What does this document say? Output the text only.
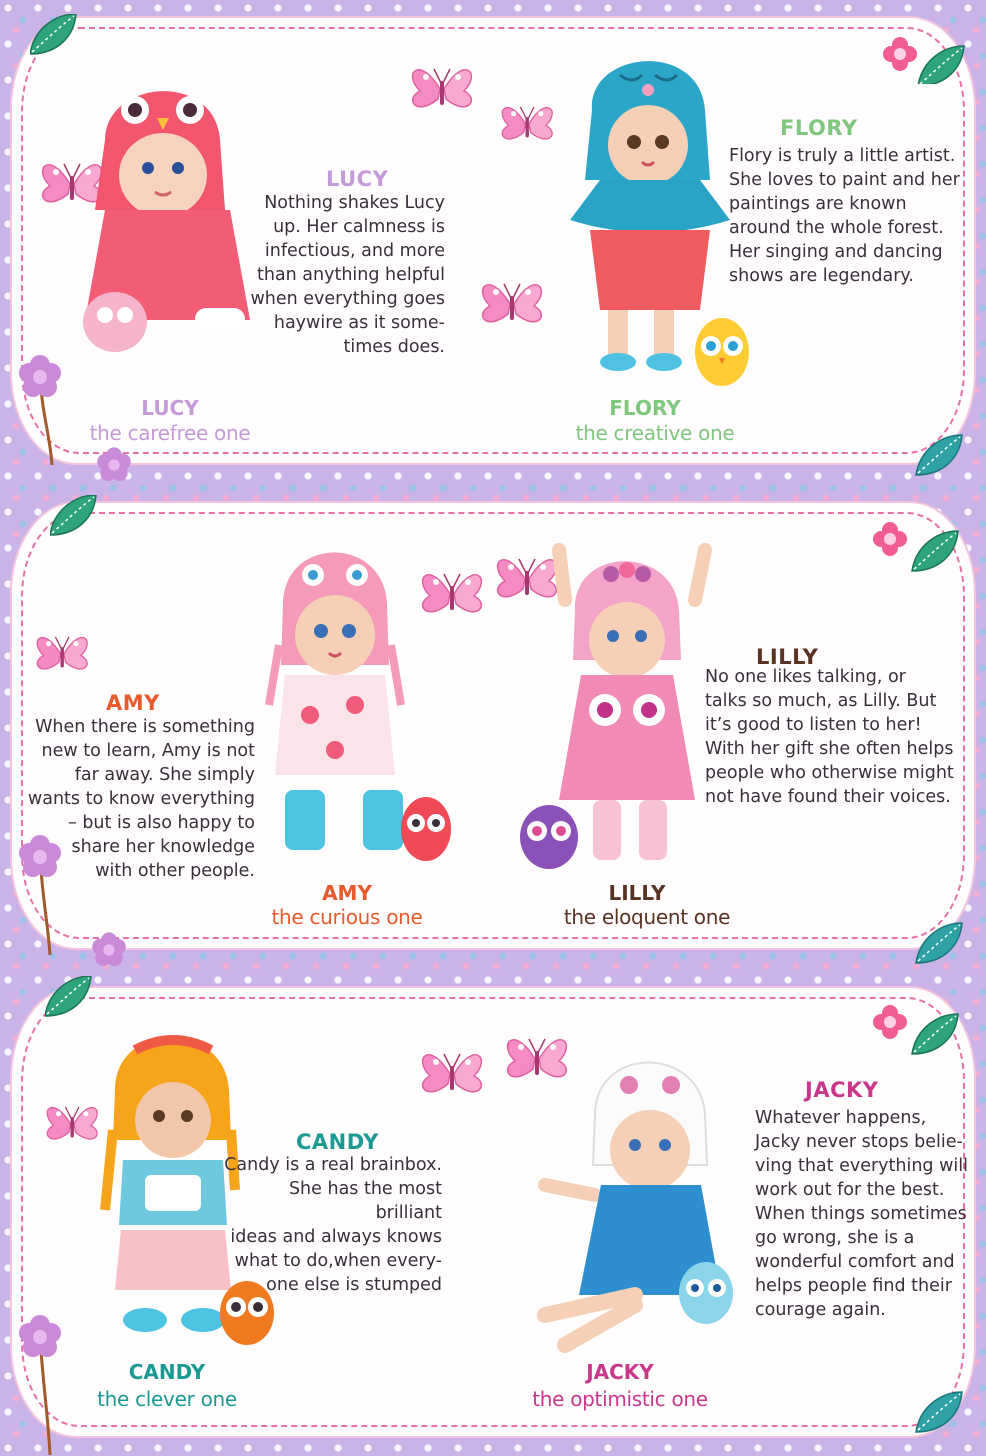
LUCY
Nothing shakes Lucy
up. Her calmness is
infectious, and more
than anything helpful
when everything goes
haywire as it some-
times does.
FLORY
Flory is truly a little artist.
She loves to paint and her
paintings are known
around the whole forest.
Her singing and dancing
shows are legendary.
LUCY
the carefree one
FLORY
the creative one
AMY
When there is something
new to learn, Amy is not
far away. She simply
wants to know everything
– but is also happy to
share her knowledge
with other people.
LILLY
No one likes talking, or
talks so much, as Lilly. But
it’s good to listen to her!
With her gift she often helps
people who otherwise might
not have found their voices.
AMY
the curious one
LILLY
the eloquent one
CANDY
Candy is a real brainbox.
She has the most brilliant
ideas and always knows
what to do,when every-
one else is stumped
JACKY
Whatever happens,
Jacky never stops belie-
ving that everything will
work out for the best.
When things sometimes
go wrong, she is a
wonderful comfort and
helps people find their
courage again.
CANDY
the clever one
JACKY
the optimistic one
